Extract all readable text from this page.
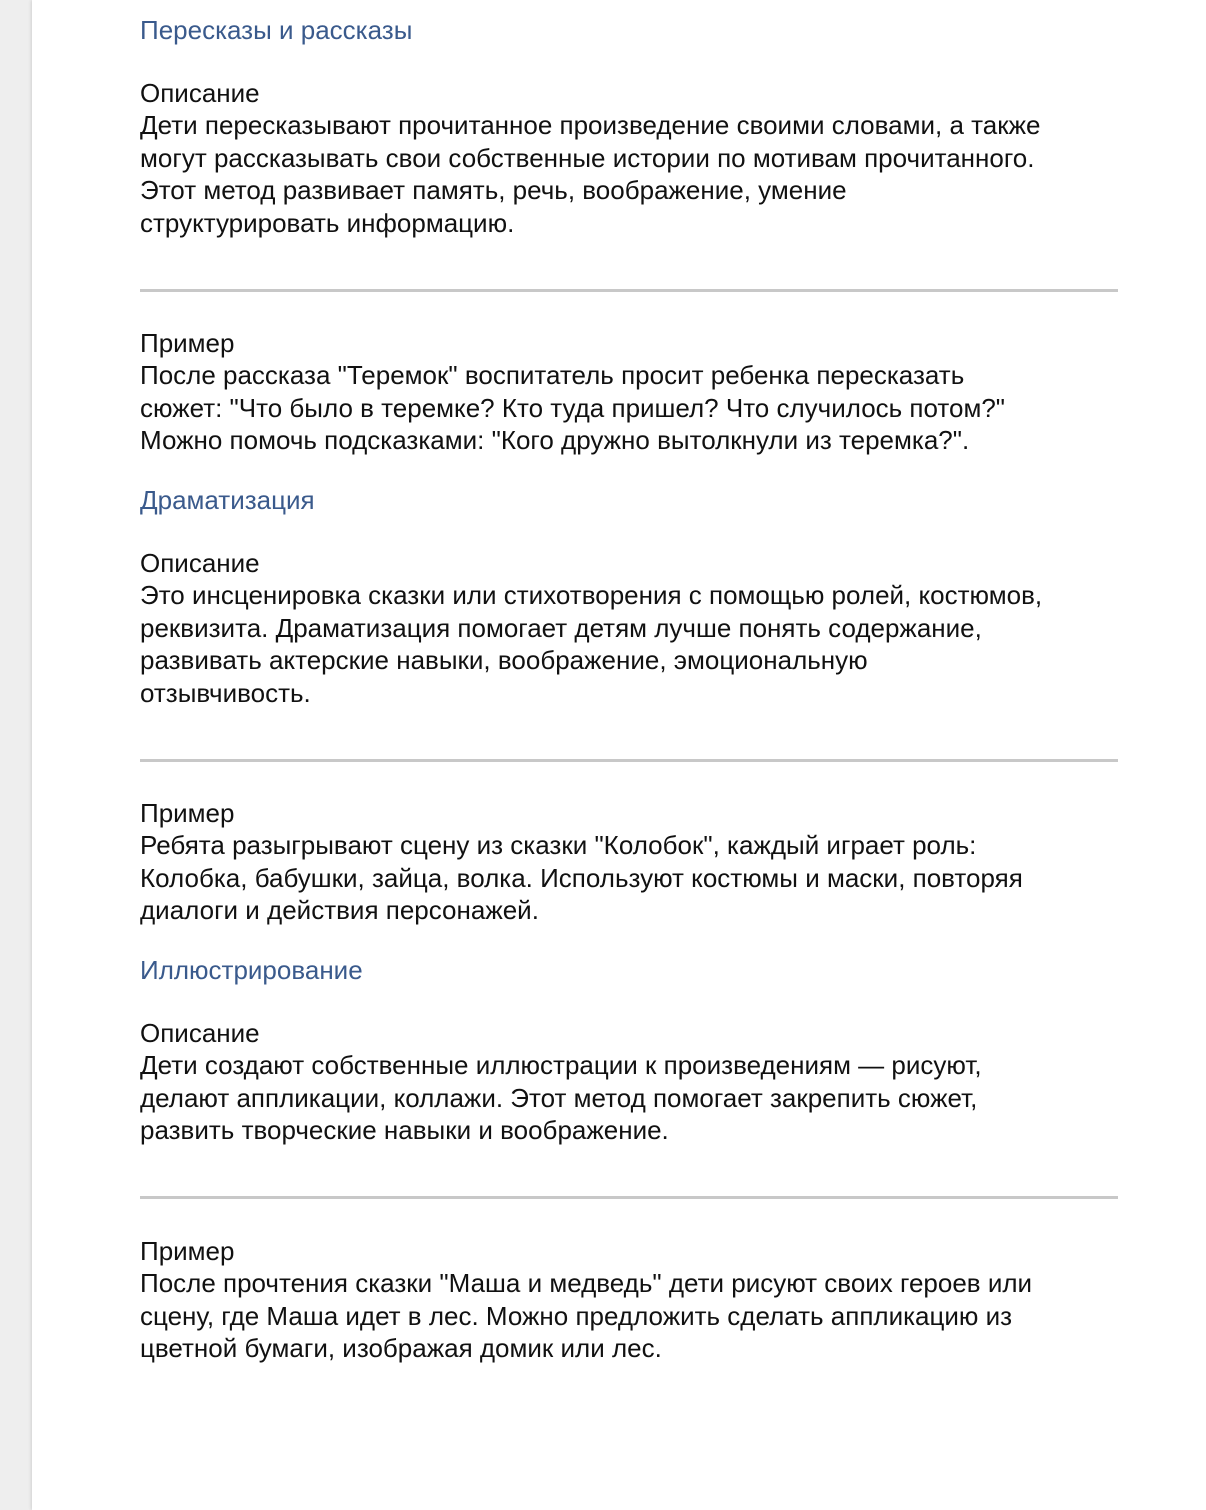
Пересказы и рассказы

Описание

Дети пересказывают прочитанное произведение своими словами, а также

могут рассказывать свои собственные истории по мотивам прочитанного.

Этот метод развивает память, речь, воображение, умение

структурировать информацию.

Пример

После рассказа "Теремок" воспитатель просит ребенка пересказать

сюжет: "Что было в теремке? Кто туда пришел? Что случилось потом?"

Можно помочь подсказками: "Кого дружно вытолкнули из теремка?".

Драматизация

Описание

Это инсценировка сказки или стихотворения с помощью ролей, костюмов,

реквизита. Драматизация помогает детям лучше понять содержание,

развивать актерские навыки, воображение, эмоциональную

отзывчивость.

Пример

Ребята разыгрывают сцену из сказки "Колобок", каждый играет роль:

Колобка, бабушки, зайца, волка. Используют костюмы и маски, повторяя

диалоги и действия персонажей.

Иллюстрирование

Описание

Дети создают собственные иллюстрации к произведениям — рисуют,

делают аппликации, коллажи. Этот метод помогает закрепить сюжет,

развить творческие навыки и воображение.

Пример

После прочтения сказки "Маша и медведь" дети рисуют своих героев или

сцену, где Маша идет в лес. Можно предложить сделать аппликацию из

цветной бумаги, изображая домик или лес.
